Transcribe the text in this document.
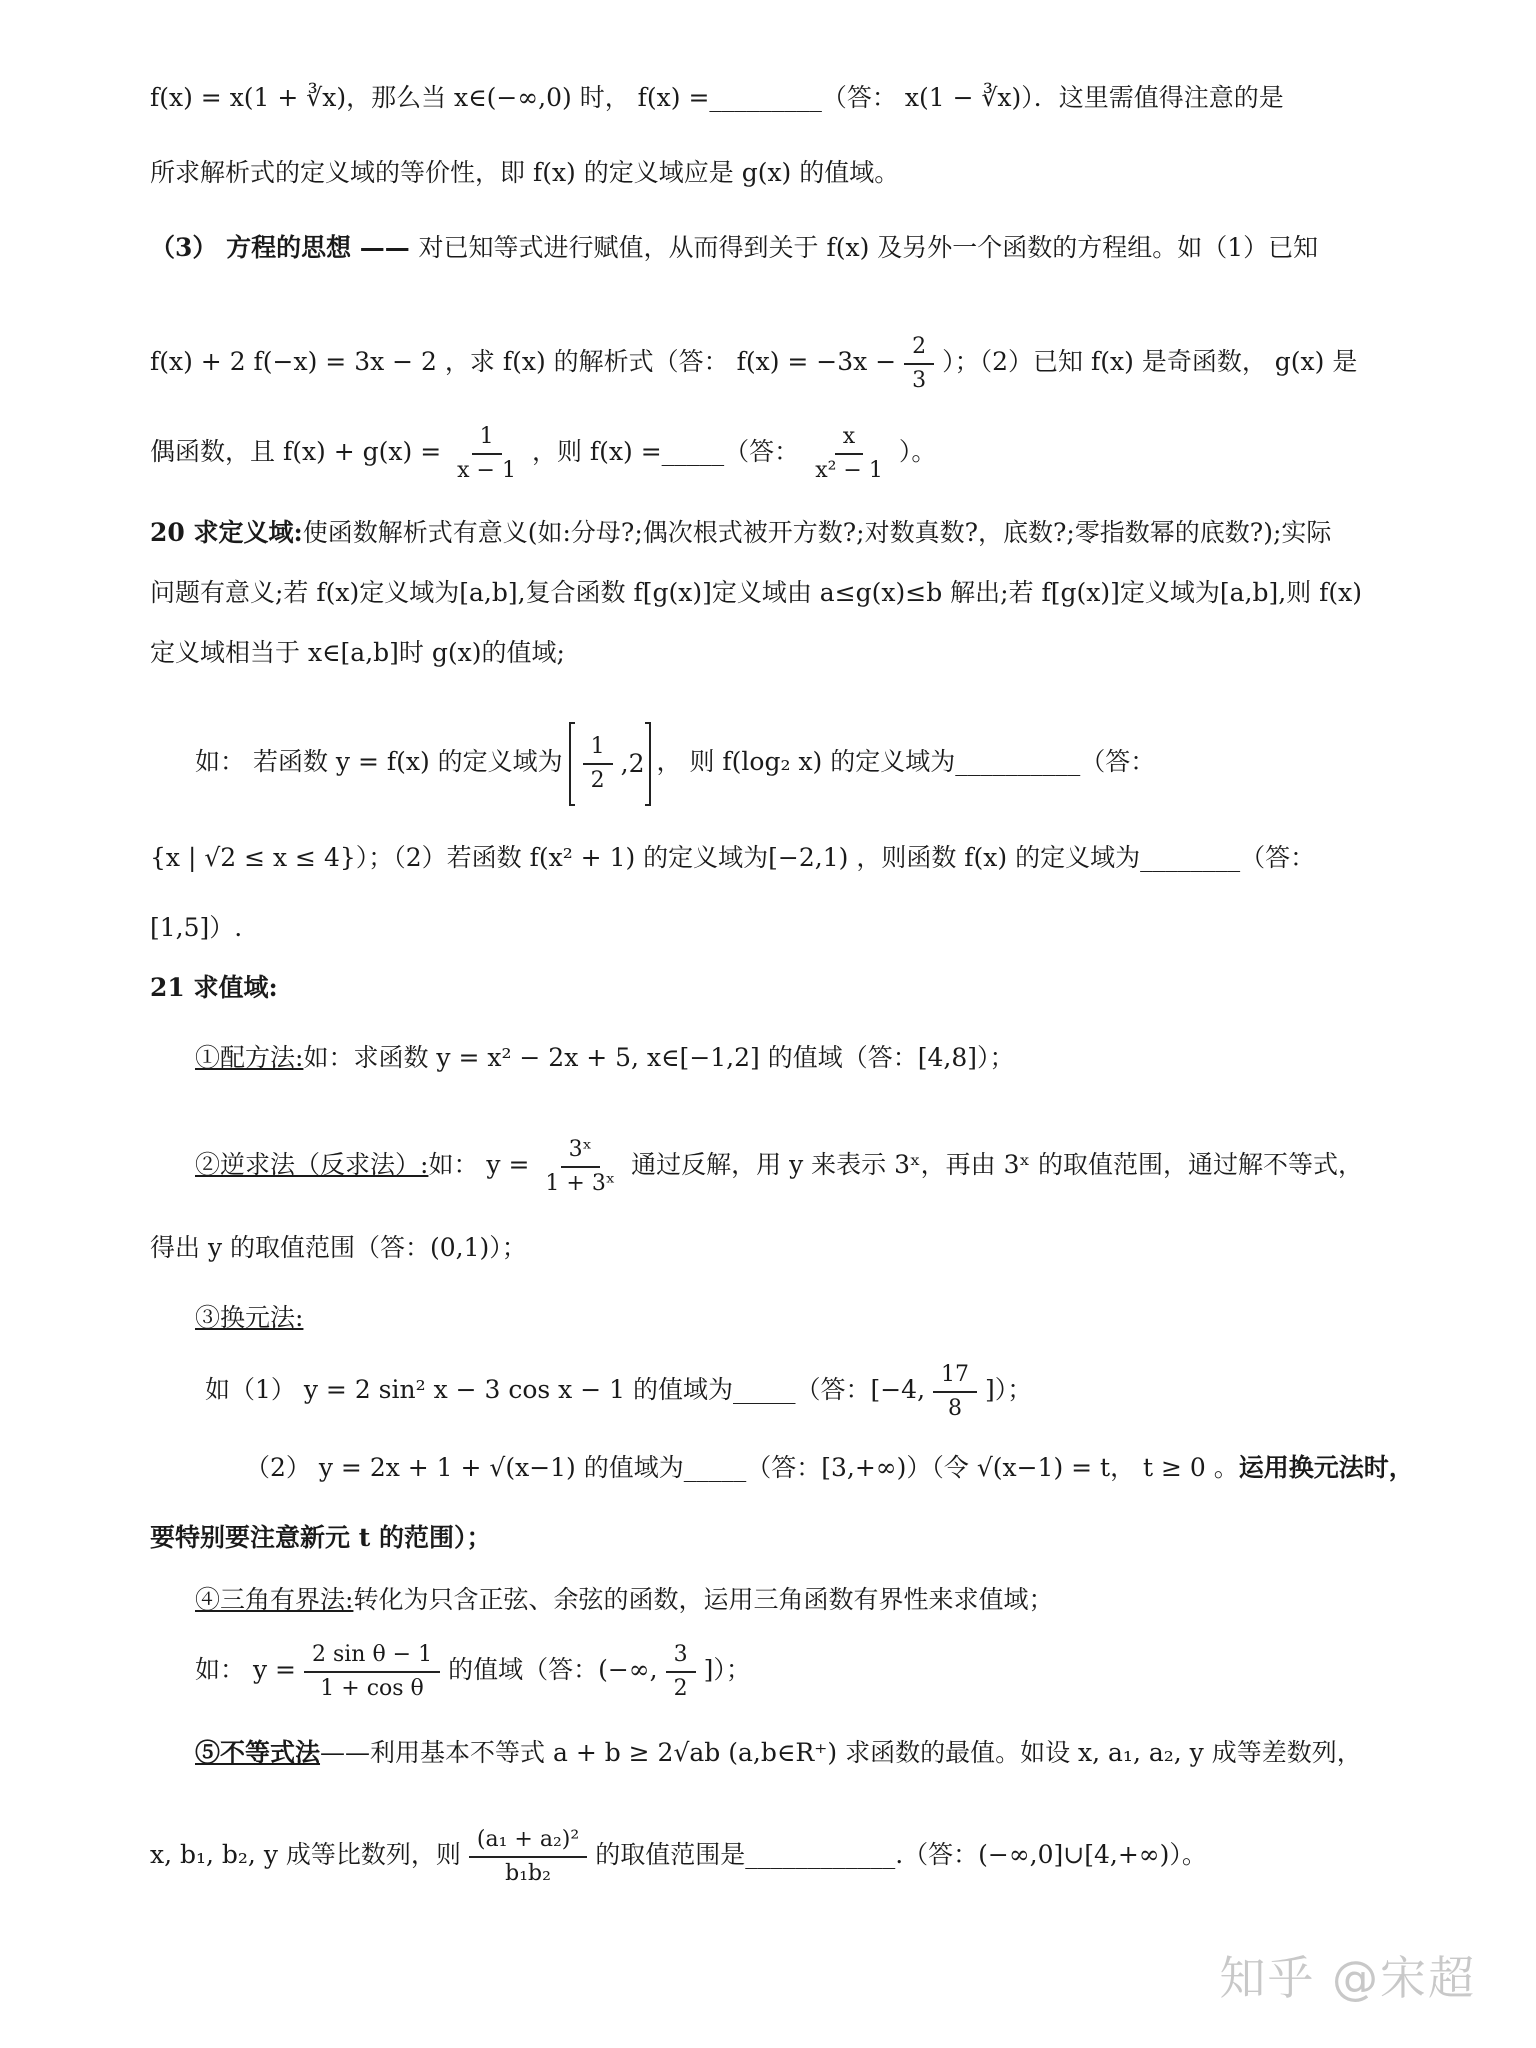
f(x) = x(1 + ∛x)，那么当 x∈(−∞,0) 时， f(x) =_________（答： x(1 − ∛x)）．这里需值得注意的是
所求解析式的定义域的等价性，即 f(x) 的定义域应是 g(x) 的值域。
（3） 方程的思想 —— 对已知等式进行赋值，从而得到关于 f(x) 及另外一个函数的方程组。如（1）已知
f(x) + 2 f(−x) = 3x − 2 ，求 f(x) 的解析式（答： $f(x) = -3x - \frac{2}{3}$ ）；（2）已知 f(x) 是奇函数， g(x) 是
偶函数，且 $f(x) + g(x) = \frac{1}{x - 1}$ ，则 f(x) =_____（答： $\frac{x}{\text{x² − 1}}$ ）。
20 求定义域:使函数解析式有意义(如:分母?;偶次根式被开方数?;对数真数?，底数?;零指数幂的底数?);实际
问题有意义;若 f(x)定义域为[a,b],复合函数 f[g(x)]定义域由 a≤g(x)≤b 解出;若 f[g(x)]定义域为[a,b],则 f(x)
定义域相当于 x∈[a,b]时 g(x)的值域;
如： 若函数 y = f(x) 的定义域为 $\frac{1}{2} ,2$ ， 则 f(log₂ x) 的定义域为__________（答：
{x | √2 ≤ x ≤ 4}）；（2）若函数 f(x² + 1) 的定义域为[−2,1) ，则函数 f(x) 的定义域为________（答：
[1,5]）.
21 求值域:
①配方法:如：求函数 y = x² − 2x + 5, x∈[−1,2] 的值域（答：[4,8]）；
②逆求法（反求法）:如： $y = \frac{\text{3ˣ}}{\text{1 + 3ˣ}}$ 通过反解，用 y 来表示 3ˣ，再由 3ˣ 的取值范围，通过解不等式，
得出 y 的取值范围（答：(0,1)）；
③换元法:
如（1） y = 2 sin² x − 3 cos x − 1 的值域为_____（答：[−4, $\frac{17}{8}$ ]）；
（2） y = 2x + 1 + √(x−1) 的值域为_____（答：[3,+∞)）（令 √(x−1) = t， t ≥ 0 。运用换元法时，
要特别要注意新元 t 的范围）；
④三角有界法:转化为只含正弦、余弦的函数，运用三角函数有界性来求值域；
如： $y = \frac{\text{2 sin θ − 1}}{\text{1 + cos θ}}$ 的值域（答：(−∞, $\frac{3}{2}$ ]）；
⑤不等式法——利用基本不等式 a + b ≥ 2√ab (a,b∈R⁺) 求函数的最值。如设 x, a₁, a₂, y 成等差数列，
x, b₁, b₂, y 成等比数列，则 $\frac{\text{(a₁ + a₂)²}}{\text{b₁b₂}}$ 的取值范围是____________.（答：(−∞,0]∪[4,+∞)）。
知乎 @宋超
